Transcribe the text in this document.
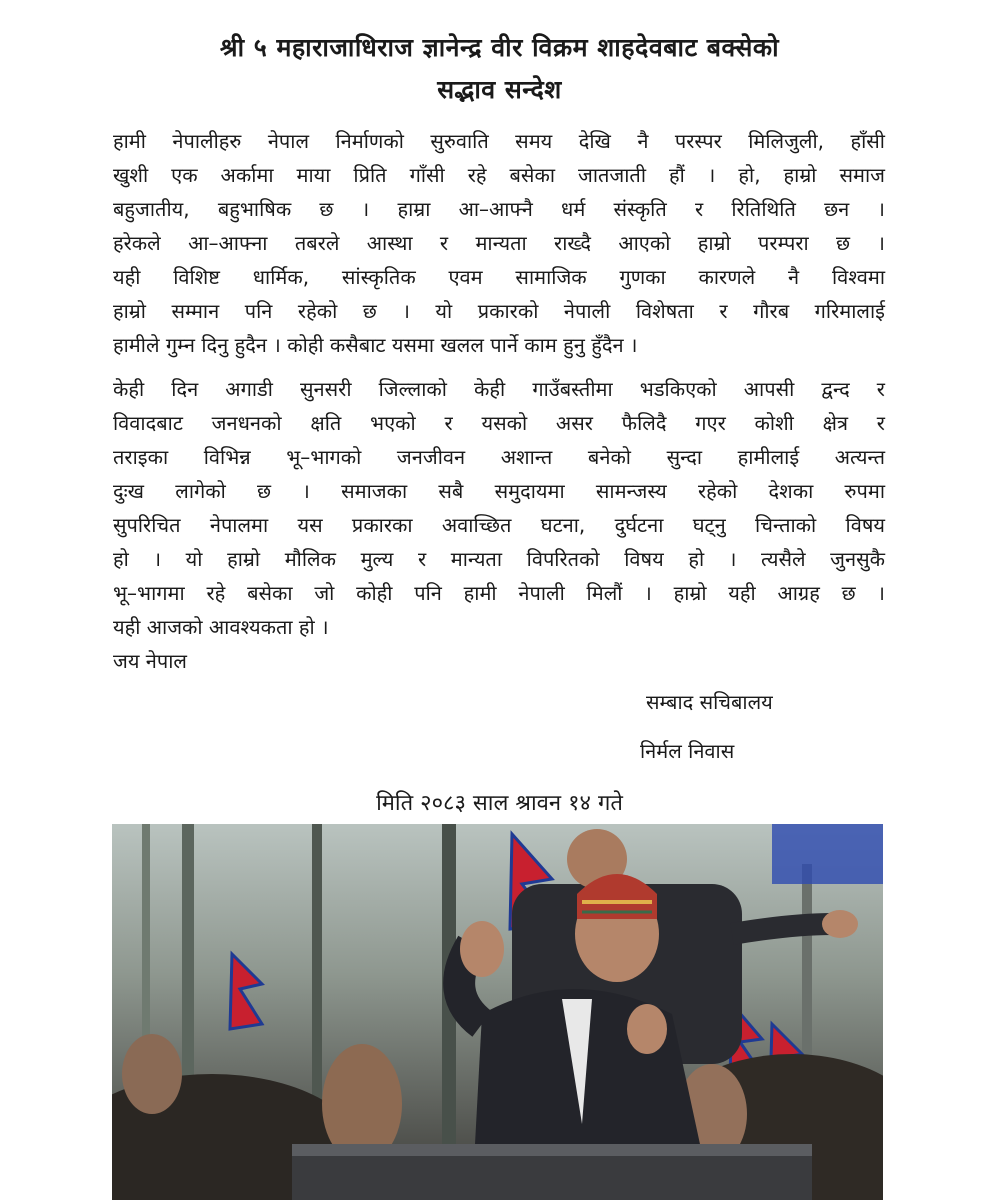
श्री ५ महाराजाधिराज ज्ञानेन्द्र वीर विक्रम शाहदेवबाट बक्सेको
सद्भाव सन्देश
हामी नेपालीहरु नेपाल निर्माणको सुरुवाति समय देखि नै परस्पर मिलिजुली, हाँसी
खुशी एक अर्कामा माया प्रिति गाँसी रहे बसेका जातजाती हौं । हो, हाम्रो समाज
बहुजातीय, बहुभाषिक छ । हाम्रा आ–आफ्नै धर्म संस्कृति र रितिथिति छन ।
हरेकले आ–आफ्ना तबरले आस्था र मान्यता राख्दै आएको हाम्रो परम्परा छ ।
यही विशिष्ट धार्मिक, सांस्कृतिक एवम सामाजिक गुणका कारणले नै विश्वमा
हाम्रो सम्मान पनि रहेको छ । यो प्रकारको नेपाली विशेषता र गौरब गरिमालाई
हामीले गुम्न दिनु हुदैन । कोही कसैबाट यसमा खलल पार्ने काम हुनु हुँदैन ।
केही दिन अगाडी सुनसरी जिल्लाको केही गाउँबस्तीमा भडकिएको आपसी द्वन्द र
विवादबाट जनधनको क्षति भएको र यसको असर फैलिदै गएर कोशी क्षेत्र र
तराइका विभिन्न भू–भागको जनजीवन अशान्त बनेको सुन्दा हामीलाई अत्यन्त
दुःख लागेको छ । समाजका सबै समुदायमा सामन्जस्य रहेको देशका रुपमा
सुपरिचित नेपालमा यस प्रकारका अवाच्छित घटना, दुर्घटना घट्नु चिन्ताको विषय
हो । यो हाम्रो मौलिक मुल्य र मान्यता विपरितको विषय हो । त्यसैले जुनसुकै
भू–भागमा रहे बसेका जो कोही पनि हामी नेपाली मिलौं । हाम्रो यही आग्रह छ ।
यही आजको आवश्यकता हो ।
जय नेपाल
सम्बाद सचिबालय
निर्मल निवास
मिति २०८३ साल श्रावन १४ गते
